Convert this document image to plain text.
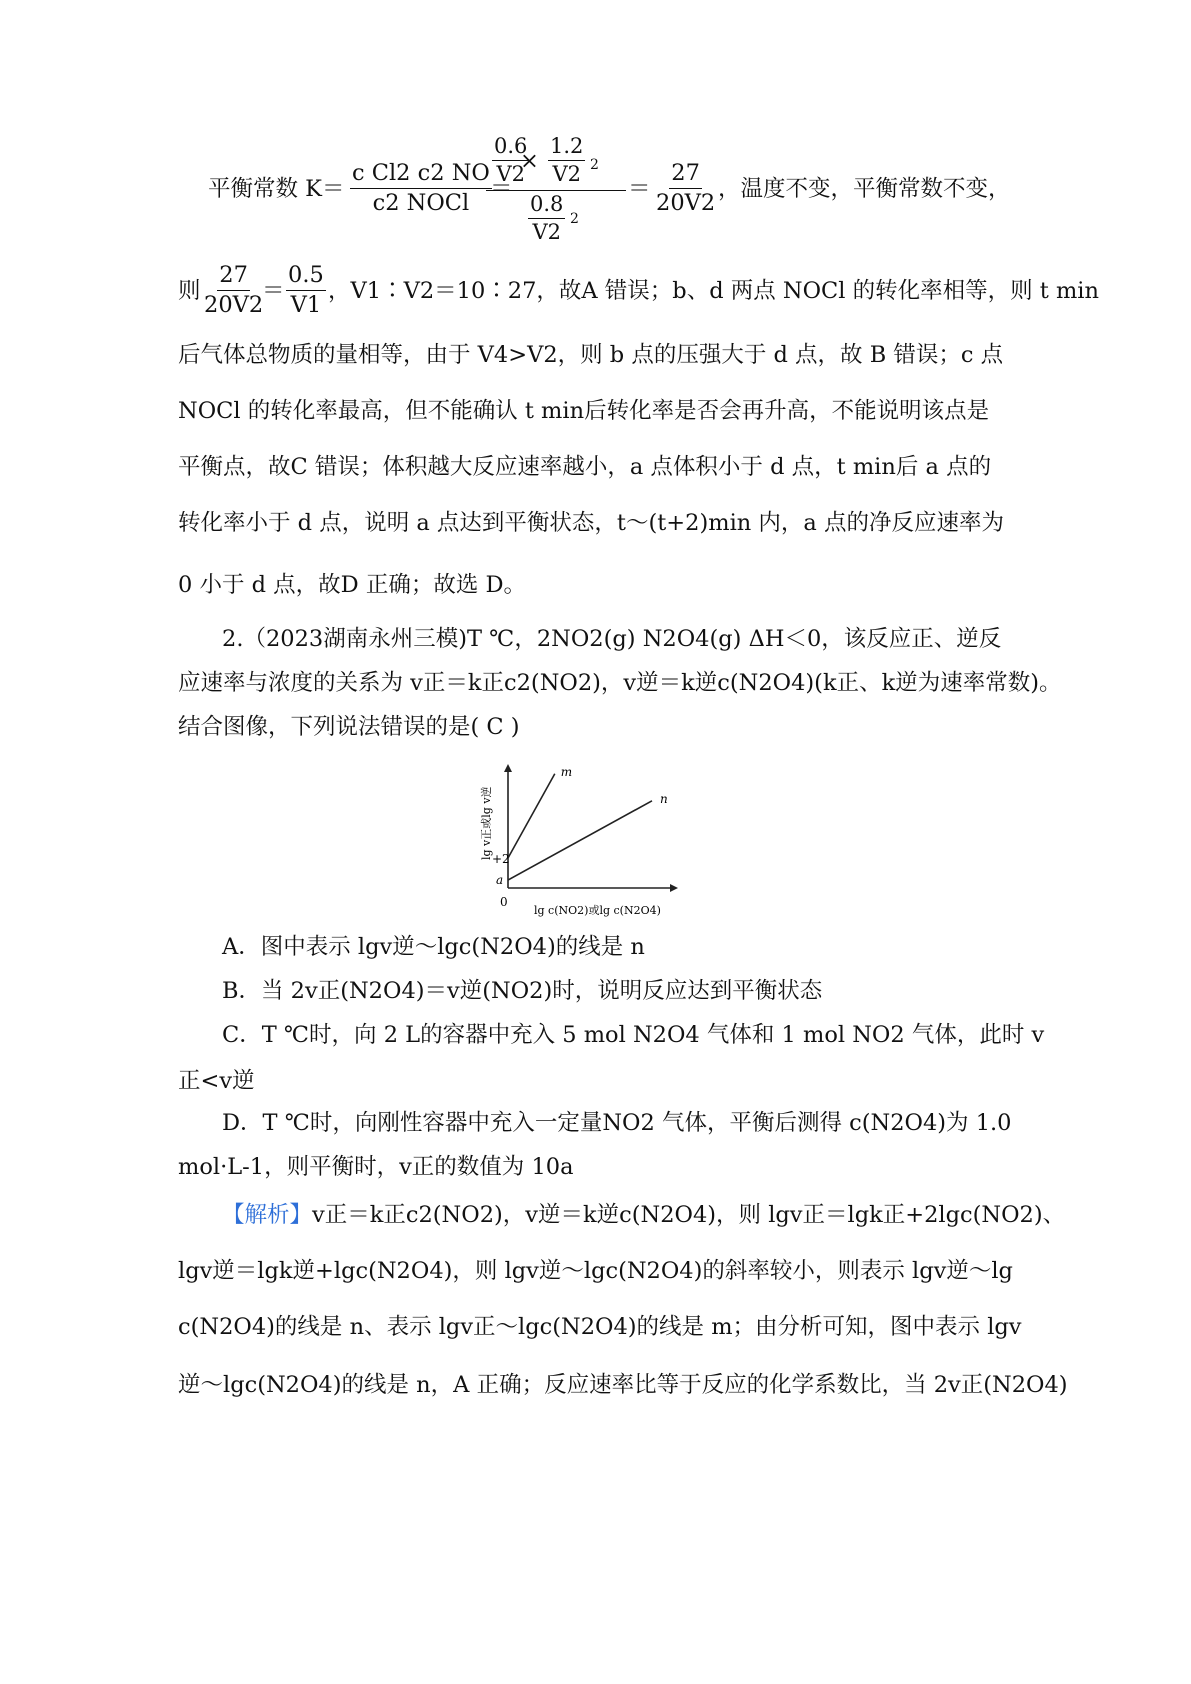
平衡常数 K＝
c Cl2 c2 NO
c2 NOCl
＝
$\frac{0.6}{V2}$
× $\frac{1.2}{V2} 2$
$\frac{0.8}{V2} 2$
＝ $\frac{27}{20V2}$ ，温度不变，平衡常数不变，
则 $\frac{27}{20V2}$
＝ $\frac{0.5}{V1}$ ，V1∶V2＝10∶27，故A 错误；b、d 两点 NOCl 的转化率相等，则 t min
后气体总物质的量相等，由于 V4>V2，则 b 点的压强大于 d 点，故 B 错误；c 点
NOCl 的转化率最高，但不能确认 t min后转化率是否会再升高，不能说明该点是
平衡点，故C 错误；体积越大反应速率越小，a 点体积小于 d 点，t min后 a 点的
转化率小于 d 点，说明 a 点达到平衡状态，t～(t+2)min 内，a 点的净反应速率为
0 小于 d 点，故D 正确；故选 D。
2.（2023湖南永州三模)T ℃，2NO2(g) N2O4(g) ΔH＜0，该反应正、逆反
应速率与浓度的关系为 v正＝k正c2(NO2)，v逆＝k逆c(N2O4)(k正、k逆为速率常数)。
结合图像，下列说法错误的是( C )
m
n
+2
a
0
lg c(NO2)或lg c(N2O4)
lg v正或lg v逆
A．图中表示 lgv逆～lgc(N2O4)的线是 n
B．当 2v正(N2O4)＝v逆(NO2)时，说明反应达到平衡状态
C．T ℃时，向 2 L的容器中充入 5 mol N2O4 气体和 1 mol NO2 气体，此时 v
正<v逆
D．T ℃时，向刚性容器中充入一定量NO2 气体，平衡后测得 c(N2O4)为 1.0
mol·L-1，则平衡时，v正的数值为 10a
【解析】v正＝k正c2(NO2)，v逆＝k逆c(N2O4)，则 lgv正＝lgk正+2lgc(NO2)、
lgv逆＝lgk逆+lgc(N2O4)，则 lgv逆～lgc(N2O4)的斜率较小，则表示 lgv逆～lg
c(N2O4)的线是 n、表示 lgv正～lgc(N2O4)的线是 m；由分析可知，图中表示 lgv
逆～lgc(N2O4)的线是 n，A 正确；反应速率比等于反应的化学系数比，当 2v正(N2O4)
